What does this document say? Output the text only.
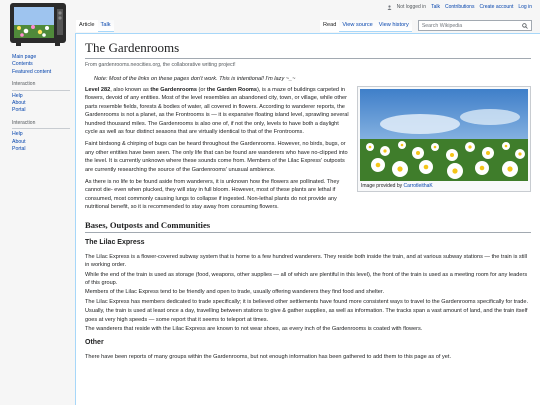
Not logged in Talk Contributions Create account Log in
Article	Talk	Read	View source	View history	Search Wikipedia
Main page
Contents
Featured content
Interaction
Help
About
Portal
Interaction
Help
About
Portal
The Gardenrooms
From gardenrooms.neocities.org, the collaborative writing project!
Note: Most of the links on these pages don't work. This is intentional! I'm lazy ~_~
Image provided by CarrotleithaK

Level 282, also known as the Gardenrooms (or the Garden Rooms), is a maze of buildings carpeted in flowers, devoid of any entities. Most of the level resembles an abandoned city, town, or village, while other parts resemble fields, forests & bodies of water, all covered in flowers. According to wanderer reports, the Gardenrooms is not a planet, as the Frontrooms is — it is expansive floating island level, sprawling several hundred thousand miles. The Gardenrooms is also one of, if not the only, levels to have both a daylight cycle as well as four distinct seasons that are virtually identical to that of the Frontrooms.

Faint birdsong & chirping of bugs can be heard throughout the Gardenrooms. However, no birds, bugs, or any other entities have been seen. The only life that can be found are wanderers who have no-clipped into the level. It is currently unknown where these sounds come from. Members of the Lilac Express' outposts are currently researching the source of the Gardenrooms' unusual ambience.

As there is no life to be found aside from wanderers, it is unknown how the flowers are pollinated. They cannot die- even when plucked, they will stay in full bloom. However, most of these plants are lethal if consumed, most commonly causing lungs to collapse if ingested. Non-lethal plants do not provide any nutritional benefit, so it is recommended to stay away from consuming flowers.

Bases, Outposts and Communities
The Lilac Express

The Lilac Express is a flower-covered subway system that is home to a few hundred wanderers. They reside both inside the train, and at various subway stations — the train is still in working order.

While the end of the train is used as storage (food, weapons, other supplies — all of which are plentiful in this level), the front of the train is used as a meeting room for any leaders of this group.

Members of the Lilac Express tend to be friendly and open to trade, usually offering wanderers they find food and shelter.

The Lilac Express has members dedicated to trade specifically; it is believed other settlements have found more consistent ways to travel to the Gardenrooms specifically for trade.

Usually, the train is used at least once a day, travelling between stations to give & gather supplies, as well as information. The tracks span a vast amount of land, and the train itself goes at very high speeds — some report that it seems to teleport at times.

The wanderers that reside with the Lilac Express are known to not wear shoes, as every inch of the Gardenrooms is coated with flowers.

Other

There have been reports of many groups within the Gardenrooms, but not enough information has been gathered to add them to this page as of yet.
